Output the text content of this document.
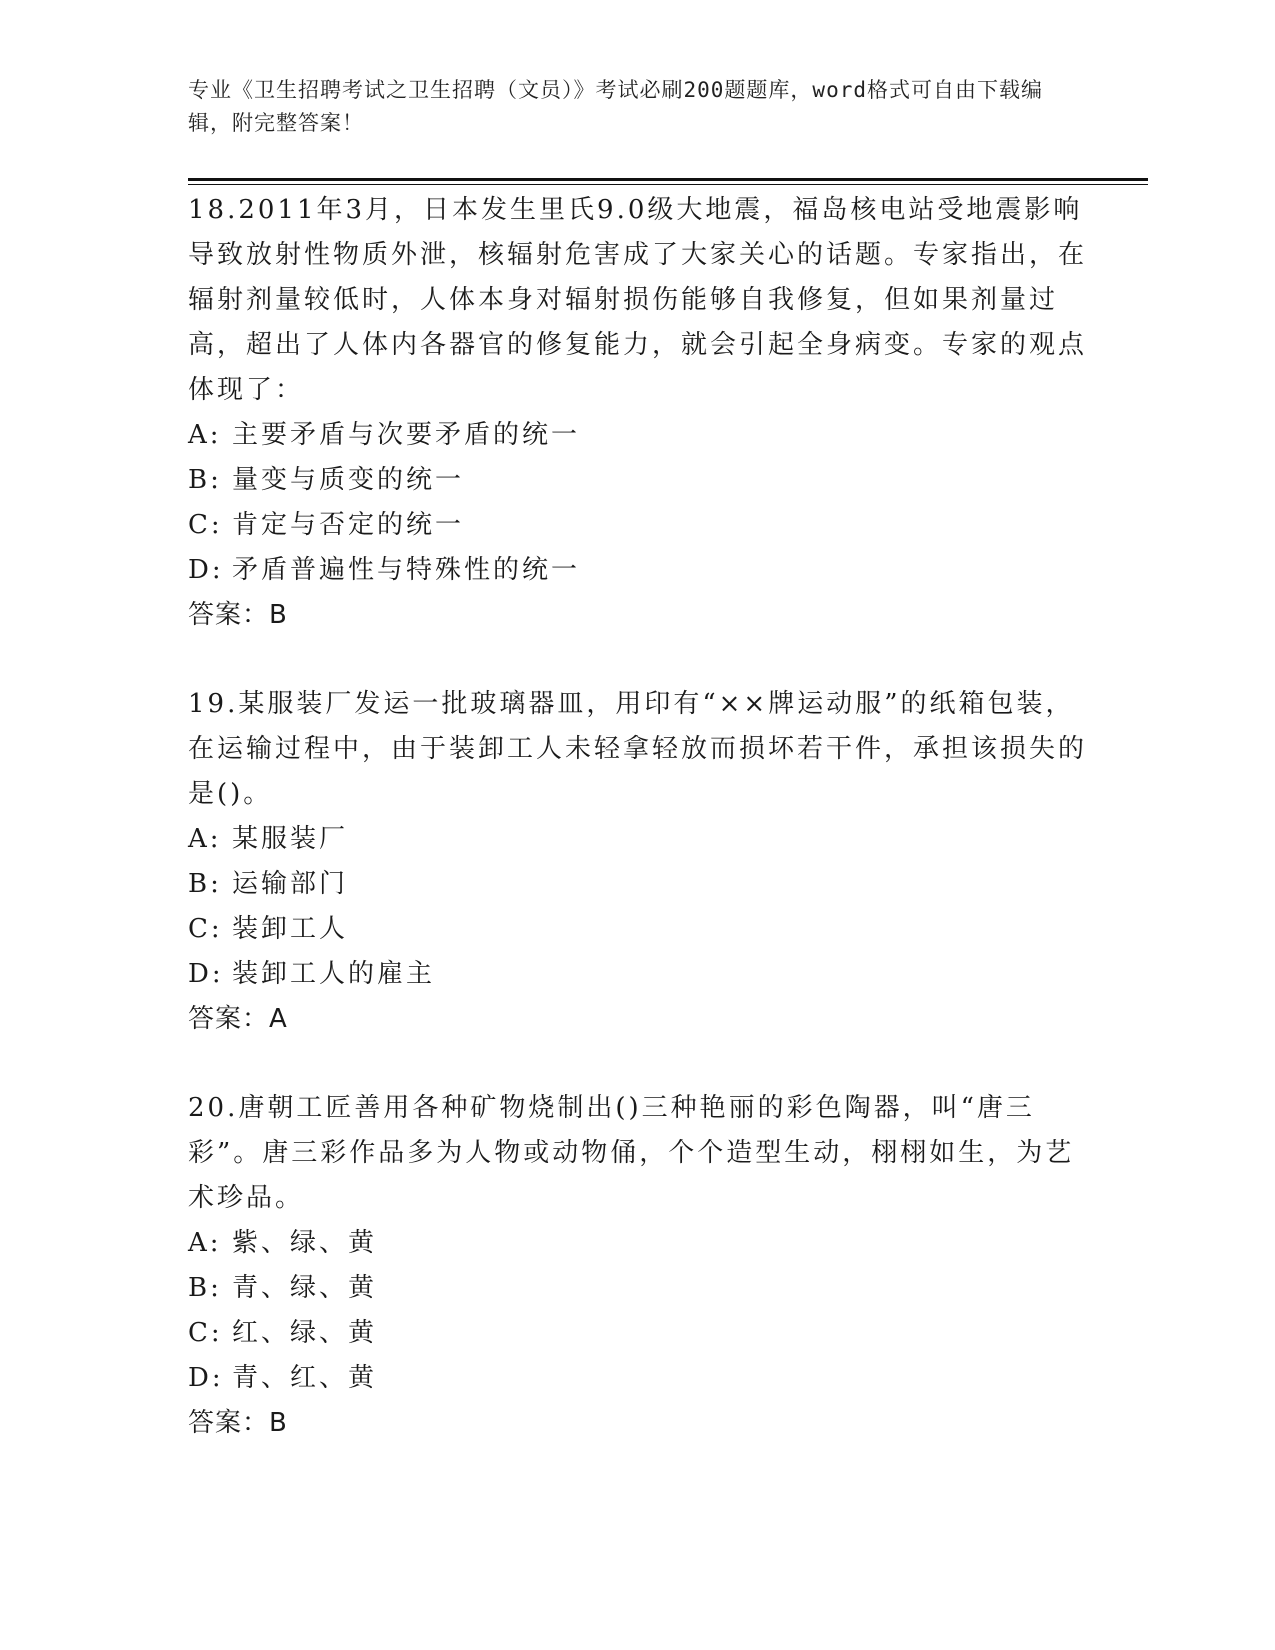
专业《卫生招聘考试之卫生招聘（文员）》考试必刷200题题库，word格式可自由下载编辑，附完整答案！

18.2011年3月，日本发生里氏9.0级大地震，福岛核电站受地震影响导致放射性物质外泄，核辐射危害成了大家关心的话题。专家指出，在辐射剂量较低时，人体本身对辐射损伤能够自我修复，但如果剂量过高，超出了人体内各器官的修复能力，就会引起全身病变。专家的观点体现了：

A: 主要矛盾与次要矛盾的统一
B: 量变与质变的统一
C: 肯定与否定的统一
D: 矛盾普遍性与特殊性的统一

答案：B

19.某服装厂发运一批玻璃器皿，用印有“××牌运动服”的纸箱包装，在运输过程中，由于装卸工人未轻拿轻放而损坏若干件，承担该损失的是()。

A: 某服装厂
B: 运输部门
C: 装卸工人
D: 装卸工人的雇主

答案：A

20.唐朝工匠善用各种矿物烧制出()三种艳丽的彩色陶器，叫“唐三彩”。唐三彩作品多为人物或动物俑，个个造型生动，栩栩如生，为艺术珍品。

A: 紫、绿、黄
B: 青、绿、黄
C: 红、绿、黄
D: 青、红、黄

答案：B
